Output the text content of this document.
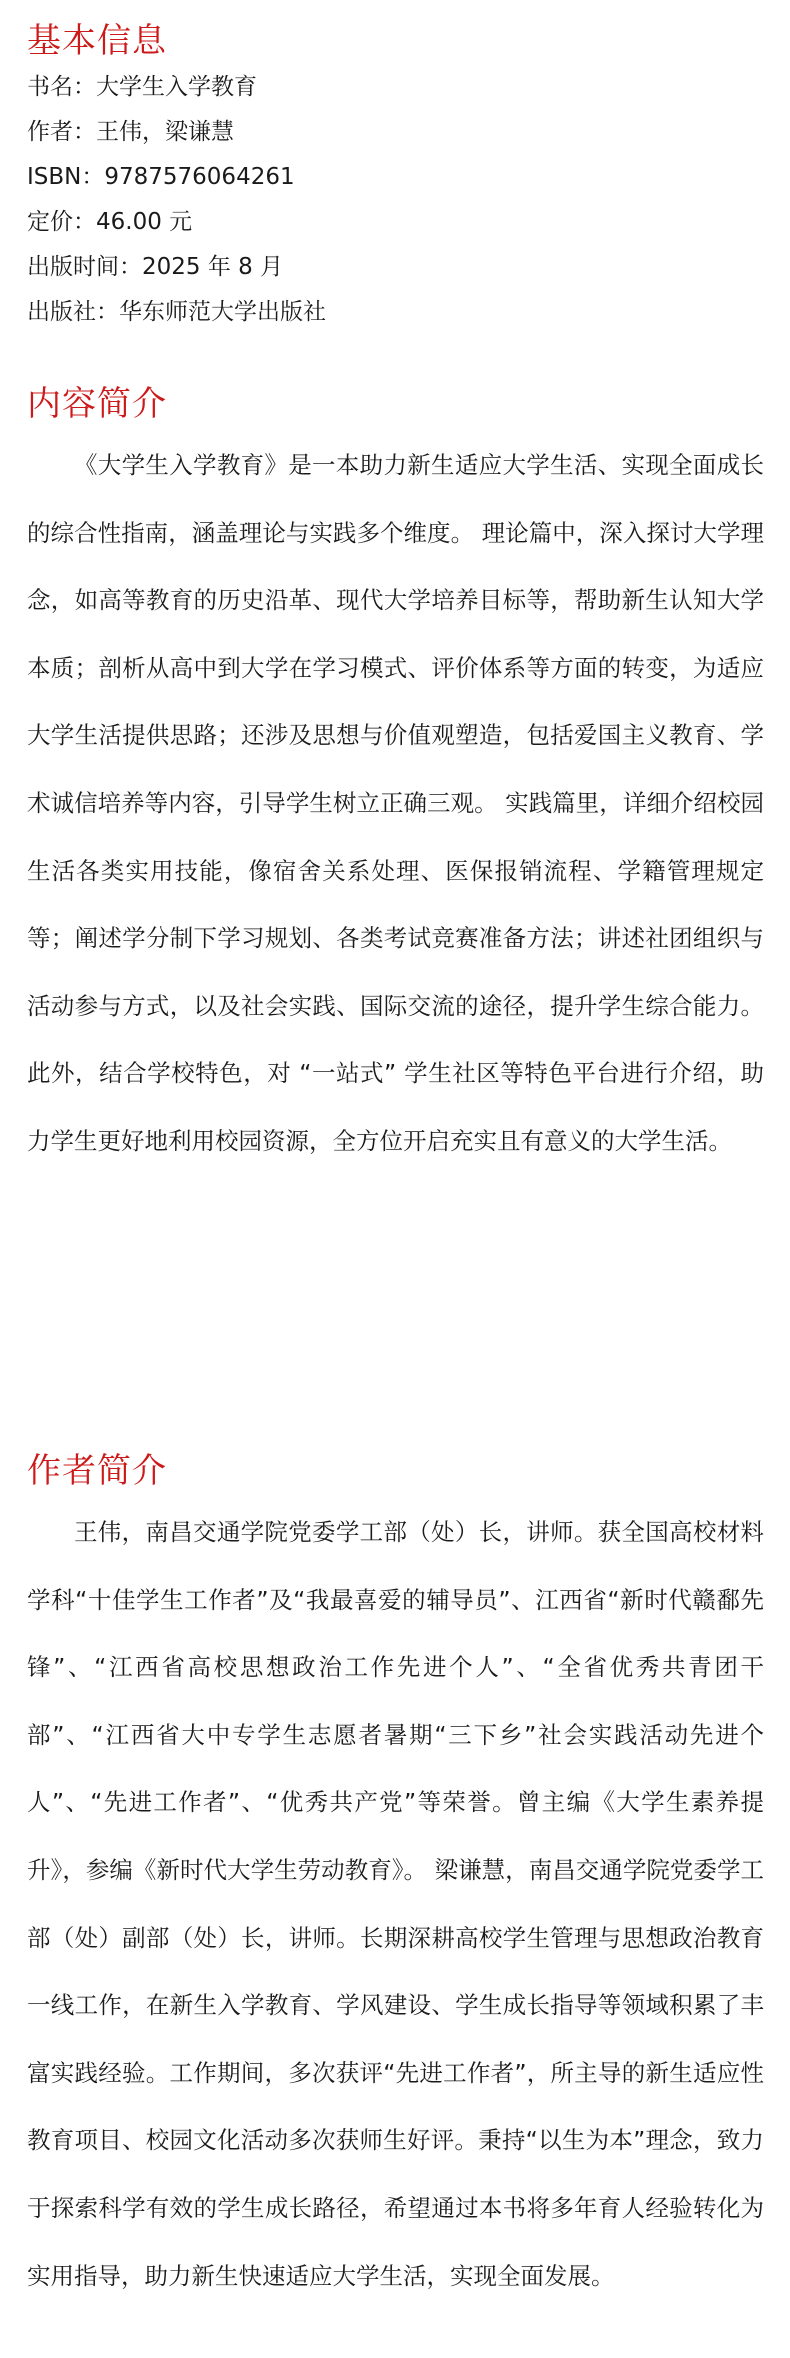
基本信息

书名：大学生入学教育

作者：王伟，梁谦慧

ISBN：9787576064261

定价：46.00 元

出版时间：2025 年 8 月

出版社：华东师范大学出版社

内容简介

《大学生入学教育》是一本助力新生适应大学生活、实现全面成长的综合性指南，涵盖理论与实践多个维度。 理论篇中，深入探讨大学理念，如高等教育的历史沿革、现代大学培养目标等，帮助新生认知大学本质；剖析从高中到大学在学习模式、评价体系等方面的转变，为适应大学生活提供思路；还涉及思想与价值观塑造，包括爱国主义教育、学术诚信培养等内容，引导学生树立正确三观。 实践篇里，详细介绍校园生活各类实用技能，像宿舍关系处理、医保报销流程、学籍管理规定等；阐述学分制下学习规划、各类考试竞赛准备方法；讲述社团组织与活动参与方式，以及社会实践、国际交流的途径，提升学生综合能力。此外，结合学校特色，对 “一站式” 学生社区等特色平台进行介绍，助力学生更好地利用校园资源，全方位开启充实且有意义的大学生活。

作者简介

王伟，南昌交通学院党委学工部（处）长，讲师。获全国高校材料学科“十佳学生工作者”及“我最喜爱的辅导员”、江西省“新时代赣鄱先锋”、“江西省高校思想政治工作先进个人”、“全省优秀共青团干部”、“江西省大中专学生志愿者暑期“三下乡”社会实践活动先进个人”、“先进工作者”、“优秀共产党”等荣誉。曾主编《大学生素养提升》，参编《新时代大学生劳动教育》。 梁谦慧，南昌交通学院党委学工部（处）副部（处）长，讲师。长期深耕高校学生管理与思想政治教育一线工作，在新生入学教育、学风建设、学生成长指导等领域积累了丰富实践经验。工作期间，多次获评“先进工作者”，所主导的新生适应性教育项目、校园文化活动多次获师生好评。秉持“以生为本”理念，致力于探索科学有效的学生成长路径，希望通过本书将多年育人经验转化为实用指导，助力新生快速适应大学生活，实现全面发展。
